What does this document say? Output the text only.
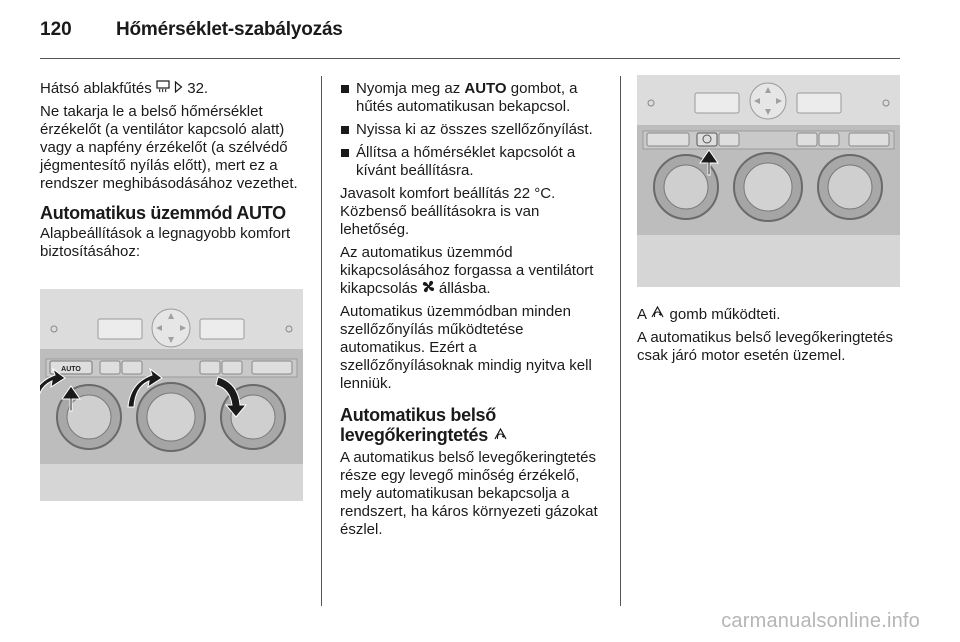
120 Hőmérséklet-szabályozás

Hátsó ablakfűtés 32.

Ne takarja le a belső hőmérséklet érzékelőt (a ventilátor kapcsoló alatt) vagy a napfény érzékelőt (a szélvédő jégmentesítő nyílás előtt), mert ez a rendszer meghibásodásához vezethet.

Automatikus üzemmód AUTO

Alapbeállítások a legnagyobb komfort biztosításához:

AUTO
Nyomja meg az AUTO gombot, a hűtés automatikusan bekapcsol.
Nyissa ki az összes szellőzőnyílást.
Állítsa a hőmérséklet kapcsolót a kívánt beállításra.

Javasolt komfort beállítás 22 °C. Közbenső beállításokra is van lehetőség.

Az automatikus üzemmód kikapcsolásához forgassa a ventilátort kikapcsolás állásba.

Automatikus üzemmódban minden szellőzőnyílás működtetése automatikus. Ezért a szellőzőnyílásoknak mindig nyitva kell lenniük.

Automatikus belső levegőkeringtetés

A automatikus belső levegőkeringtetés része egy levegő minőség érzékelő, mely automatikusan bekapcsolja a rendszert, ha káros környezeti gázokat észlel.

A gomb működteti.

A automatikus belső levegőkeringtetés csak járó motor esetén üzemel.

carmanualsonline.info
